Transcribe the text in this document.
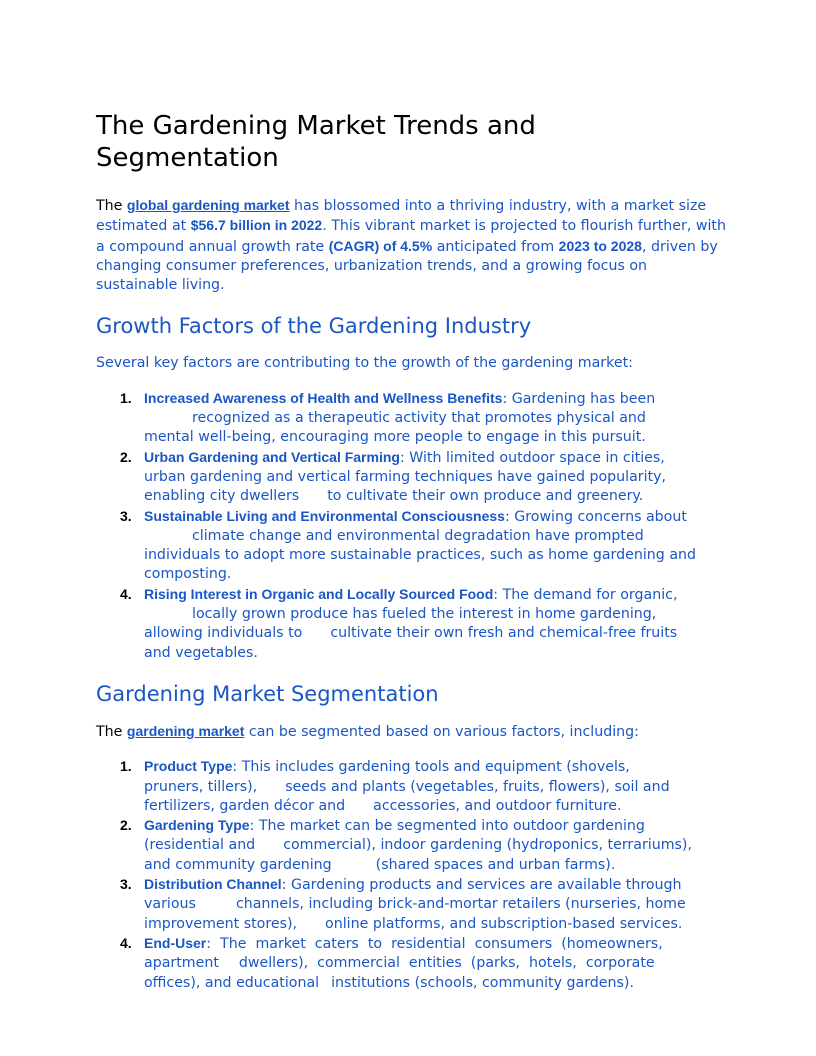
The Gardening Market Trends and Segmentation
The global gardening market has blossomed into a thriving industry, with a market size estimated at $56.7 billion in 2022. This vibrant market is projected to flourish further, with a compound annual growth rate (CAGR) of 4.5% anticipated from 2023 to 2028, driven by changing consumer preferences, urbanization trends, and a growing focus on sustainable living.
Growth Factors of the Gardening Industry
Several key factors are contributing to the growth of the gardening market:
1. Increased Awareness of Health and Wellness Benefits: Gardening has been
recognized as a therapeutic activity that promotes physical and
mental well-being, encouraging more people to engage in this pursuit.
2. Urban Gardening and Vertical Farming: With limited outdoor space in cities,
urban gardening and vertical farming techniques have gained popularity,
enabling city dwellers to cultivate their own produce and greenery.
3. Sustainable Living and Environmental Consciousness: Growing concerns about
climate change and environmental degradation have prompted
individuals to adopt more sustainable practices, such as home gardening and
composting.
4. Rising Interest in Organic and Locally Sourced Food: The demand for organic,
locally grown produce has fueled the interest in home gardening,
allowing individuals to cultivate their own fresh and chemical-free fruits
and vegetables.
Gardening Market Segmentation
The gardening market can be segmented based on various factors, including:
1. Product Type: This includes gardening tools and equipment (shovels,
pruners, tillers), seeds and plants (vegetables, fruits, flowers), soil and
fertilizers, garden décor and accessories, and outdoor furniture.
2. Gardening Type: The market can be segmented into outdoor gardening
(residential and commercial), indoor gardening (hydroponics, terrariums),
and community gardening	(shared spaces and urban farms).
3. Distribution Channel: Gardening products and services are available through
various	channels, including brick-and-mortar retailers (nurseries, home
improvement stores), online platforms, and subscription-based services.
4. End-User:  The  market  caters  to  residential  consumers  (homeowners,
apartment dwellers),  commercial  entities  (parks,  hotels,  corporate
offices), and educational institutions (schools, community gardens).
